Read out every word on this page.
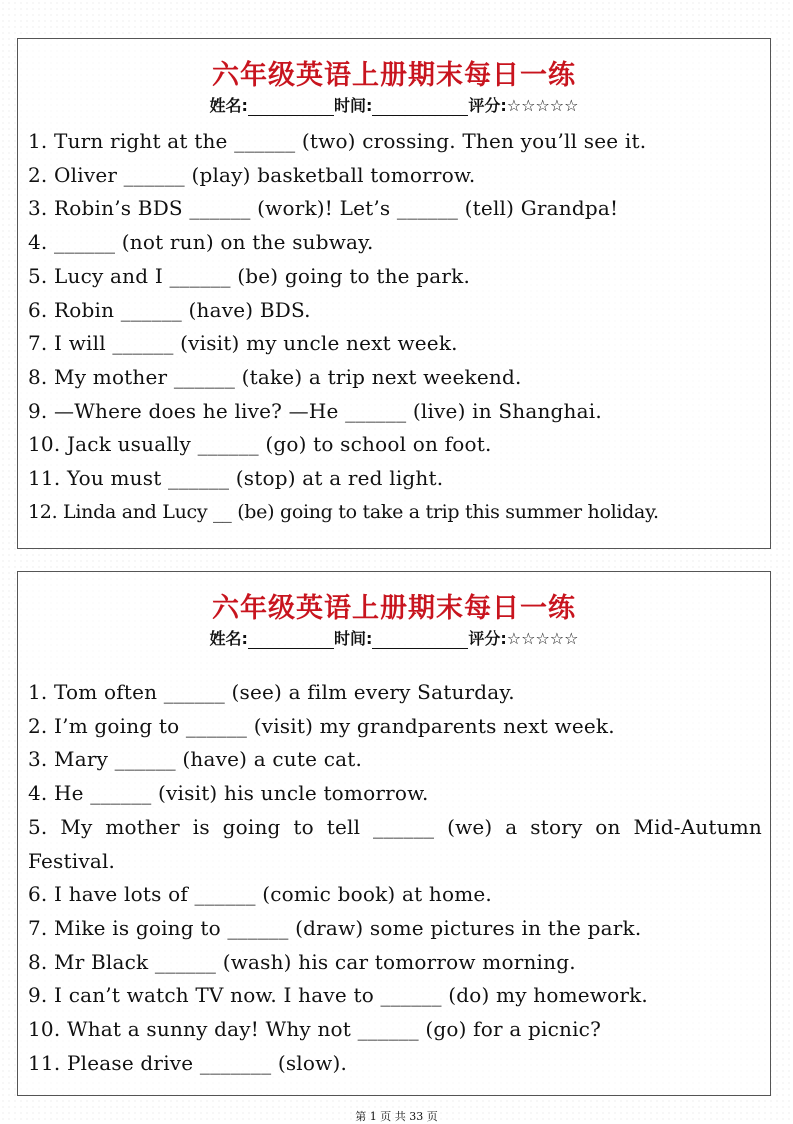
六年级英语上册期末每日一练
姓名:	时间:	评分:☆☆☆☆☆
1. Turn right at the ______ (two) crossing. Then you’ll see it.
2. Oliver ______ (play) basketball tomorrow.
3. Robin’s BDS ______ (work)! Let’s ______ (tell) Grandpa!
4. ______ (not run) on the subway.
5. Lucy and I ______ (be) going to the park.
6. Robin ______ (have) BDS.
7. I will ______ (visit) my uncle next week.
8. My mother ______ (take) a trip next weekend.
9. —Where does he live? —He ______ (live) in Shanghai.
10. Jack usually ______ (go) to school on foot.
11. You must ______ (stop) at a red light.
12. Linda and Lucy __ (be) going to take a trip this summer holiday.
六年级英语上册期末每日一练
姓名:	时间:	评分:☆☆☆☆☆
1. Tom often ______ (see) a film every Saturday.
2. I’m going to ______ (visit) my grandparents next week.
3. Mary ______ (have) a cute cat.
4. He ______ (visit) his uncle tomorrow.
5. My mother is going to tell ______ (we) a story on Mid-Autumn Festival.
6. I have lots of ______ (comic book) at home.
7. Mike is going to ______ (draw) some pictures in the park.
8. Mr Black ______ (wash) his car tomorrow morning.
9. I can’t watch TV now. I have to ______ (do) my homework.
10. What a sunny day! Why not ______ (go) for a picnic?
11. Please drive _______ (slow).
第 1 页 共 33 页
